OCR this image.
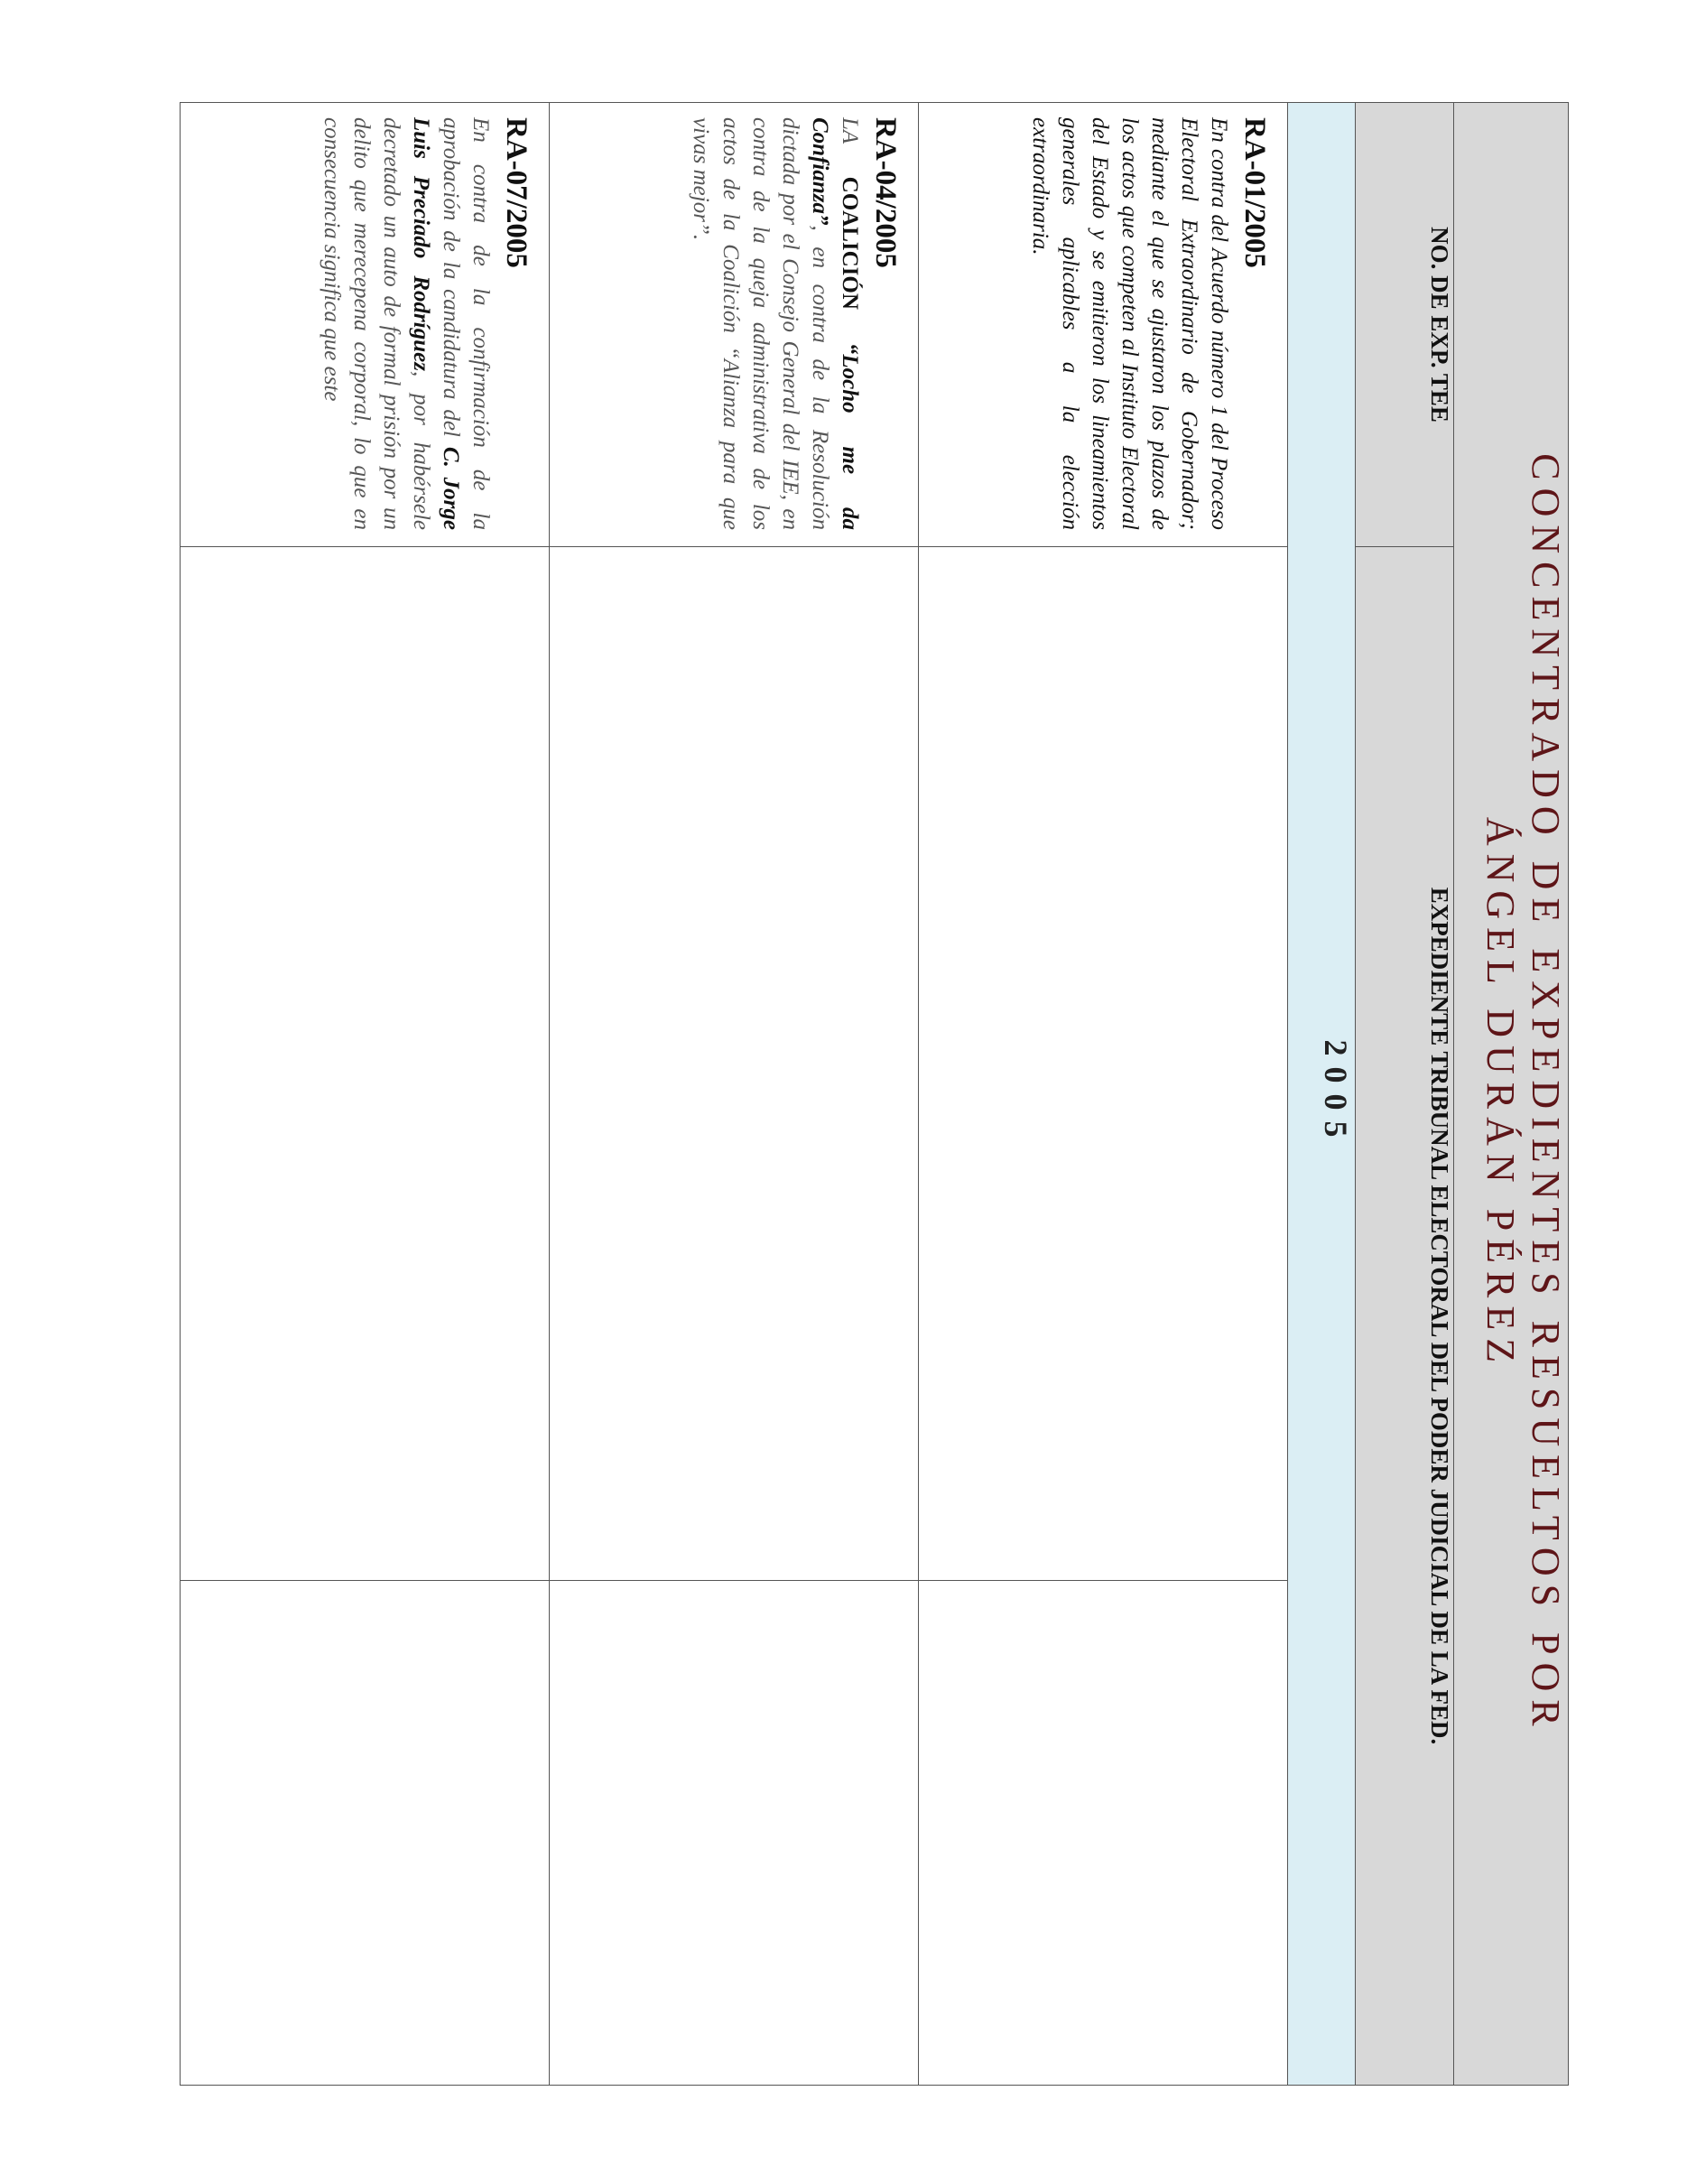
CONCENTRADO DE EXPEDIENTES RESUELTOS POR
ÁNGEL DURÁN PÉREZ		

NO. DE EXP. TEE	EXPEDIENTE TRIBUNAL ELECTORAL DEL PODER JUDICIAL DE LA FED.	
2005		

RA-01/2005
En contra del Acuerdo número 1 del Proceso Electoral Extraordinario de Gobernador; mediante el que se ajustaron los plazos de los actos que competen al Instituto Electoral del Estado y se emitieron los lineamientos generales aplicables a la elección extraordinaria.		

RA-04/2005
LA COALICIÓN “Locho me da Confianza”, en contra de la Resolución dictada por el Consejo General del IEE, en contra de la queja administrativa de los actos de la Coalición “Alianza para que vivas mejor”.		

RA-07/2005
En contra de la confirmación de la aprobación de la candidatura del C. Jorge Luis Preciado Rodríguez, por habérsele decretado un auto de formal prisión por un delito que merecepena corporal, lo que en consecuencia significa que este		
